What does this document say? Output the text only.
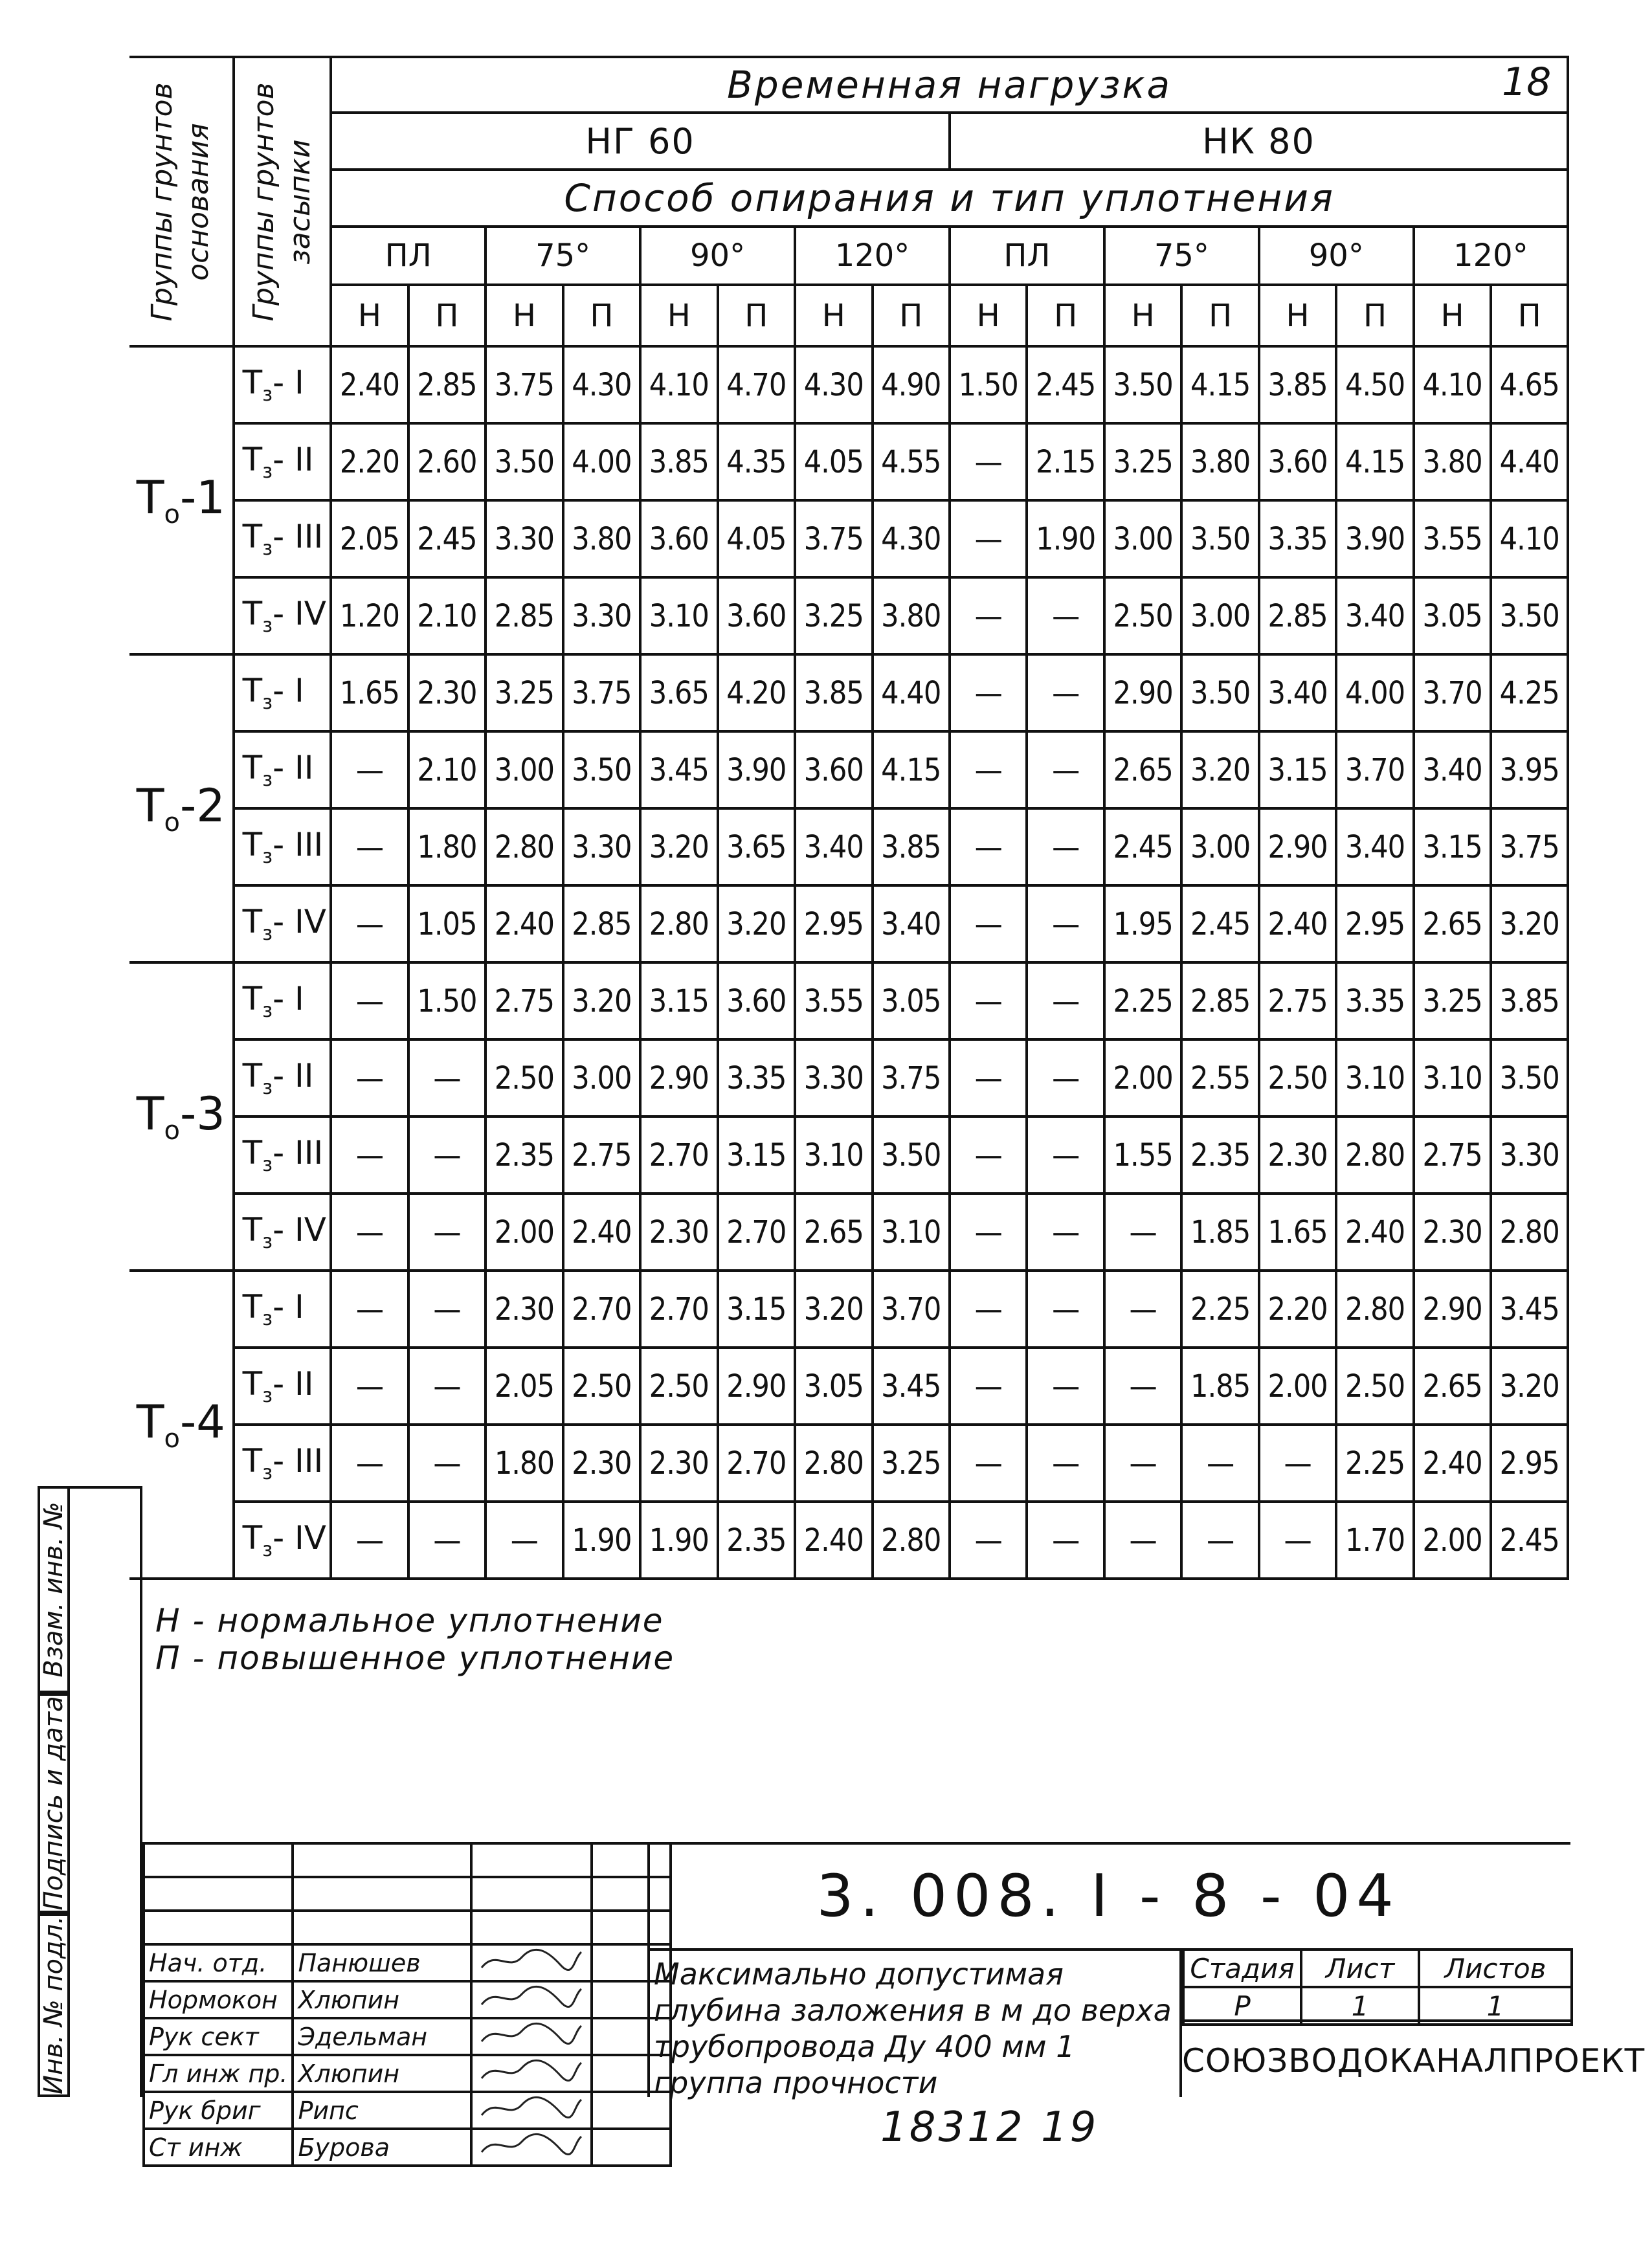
18
Группы грунтов основания	Группы грунтов засыпки	Временная нагрузка															
		НГ 60								НК 80							
		Способ опирания и тип уплотнения															
		ПЛ		75°		90°		120°		ПЛ		75°		90°		120°	
		Н	П	Н	П	Н	П	Н	П	Н	П	Н	П	Н	П	Н	П
$Т_о-1$	$Т_з-$ I	2.40	2.85	3.75	4.30	4.10	4.70	4.30	4.90	1.50	2.45	3.50	4.15	3.85	4.50	4.10	4.65
	$Т_з-$ II	2.20	2.60	3.50	4.00	3.85	4.35	4.05	4.55	—	2.15	3.25	3.80	3.60	4.15	3.80	4.40
	$Т_з-$ III	2.05	2.45	3.30	3.80	3.60	4.05	3.75	4.30	—	1.90	3.00	3.50	3.35	3.90	3.55	4.10
	$Т_з-$ IV	1.20	2.10	2.85	3.30	3.10	3.60	3.25	3.80	—	—	2.50	3.00	2.85	3.40	3.05	3.50
$Т_о-2$	$Т_з-$ I	1.65	2.30	3.25	3.75	3.65	4.20	3.85	4.40	—	—	2.90	3.50	3.40	4.00	3.70	4.25
	$Т_з-$ II	—	2.10	3.00	3.50	3.45	3.90	3.60	4.15	—	—	2.65	3.20	3.15	3.70	3.40	3.95
	$Т_з-$ III	—	1.80	2.80	3.30	3.20	3.65	3.40	3.85	—	—	2.45	3.00	2.90	3.40	3.15	3.75
	$Т_з-$ IV	—	1.05	2.40	2.85	2.80	3.20	2.95	3.40	—	—	1.95	2.45	2.40	2.95	2.65	3.20
$Т_о-3$	$Т_з-$ I	—	1.50	2.75	3.20	3.15	3.60	3.55	3.05	—	—	2.25	2.85	2.75	3.35	3.25	3.85
	$Т_з-$ II	—	—	2.50	3.00	2.90	3.35	3.30	3.75	—	—	2.00	2.55	2.50	3.10	3.10	3.50
	$Т_з-$ III	—	—	2.35	2.75	2.70	3.15	3.10	3.50	—	—	1.55	2.35	2.30	2.80	2.75	3.30
	$Т_з-$ IV	—	—	2.00	2.40	2.30	2.70	2.65	3.10	—	—	—	1.85	1.65	2.40	2.30	2.80
$Т_о-4$	$Т_з-$ I	—	—	2.30	2.70	2.70	3.15	3.20	3.70	—	—	—	2.25	2.20	2.80	2.90	3.45
	$Т_з-$ II	—	—	2.05	2.50	2.50	2.90	3.05	3.45	—	—	—	1.85	2.00	2.50	2.65	3.20
	$Т_з-$ III	—	—	1.80	2.30	2.30	2.70	2.80	3.25	—	—	—	—	—	2.25	2.40	2.95
	$Т_з-$ IV	—	—	—	1.90	1.90	2.35	2.40	2.80	—	—	—	—	—	1.70	2.00	2.45
Н - нормальное уплотнение
П - повышенное уплотнение
Взам. инв. №
Подпись и дата
Инв. № подл.

				Нач. отд.	Панюшев		
Нормокон	Хлюпин		
Рук сект	Эдельман		
Гл инж пр.	Хлюпин		
Рук бриг	Рипс		
Ст инж	Бурова		
3. 008. I - 8 - 04
Максимально допустимая глубина заложения в м до верха трубопровода Ду 400 мм 1 группа прочности
Стадия	Лист	Листов
Р	1	1
СОЮЗВОДОКАНАЛПРОЕКТ
18312 19
